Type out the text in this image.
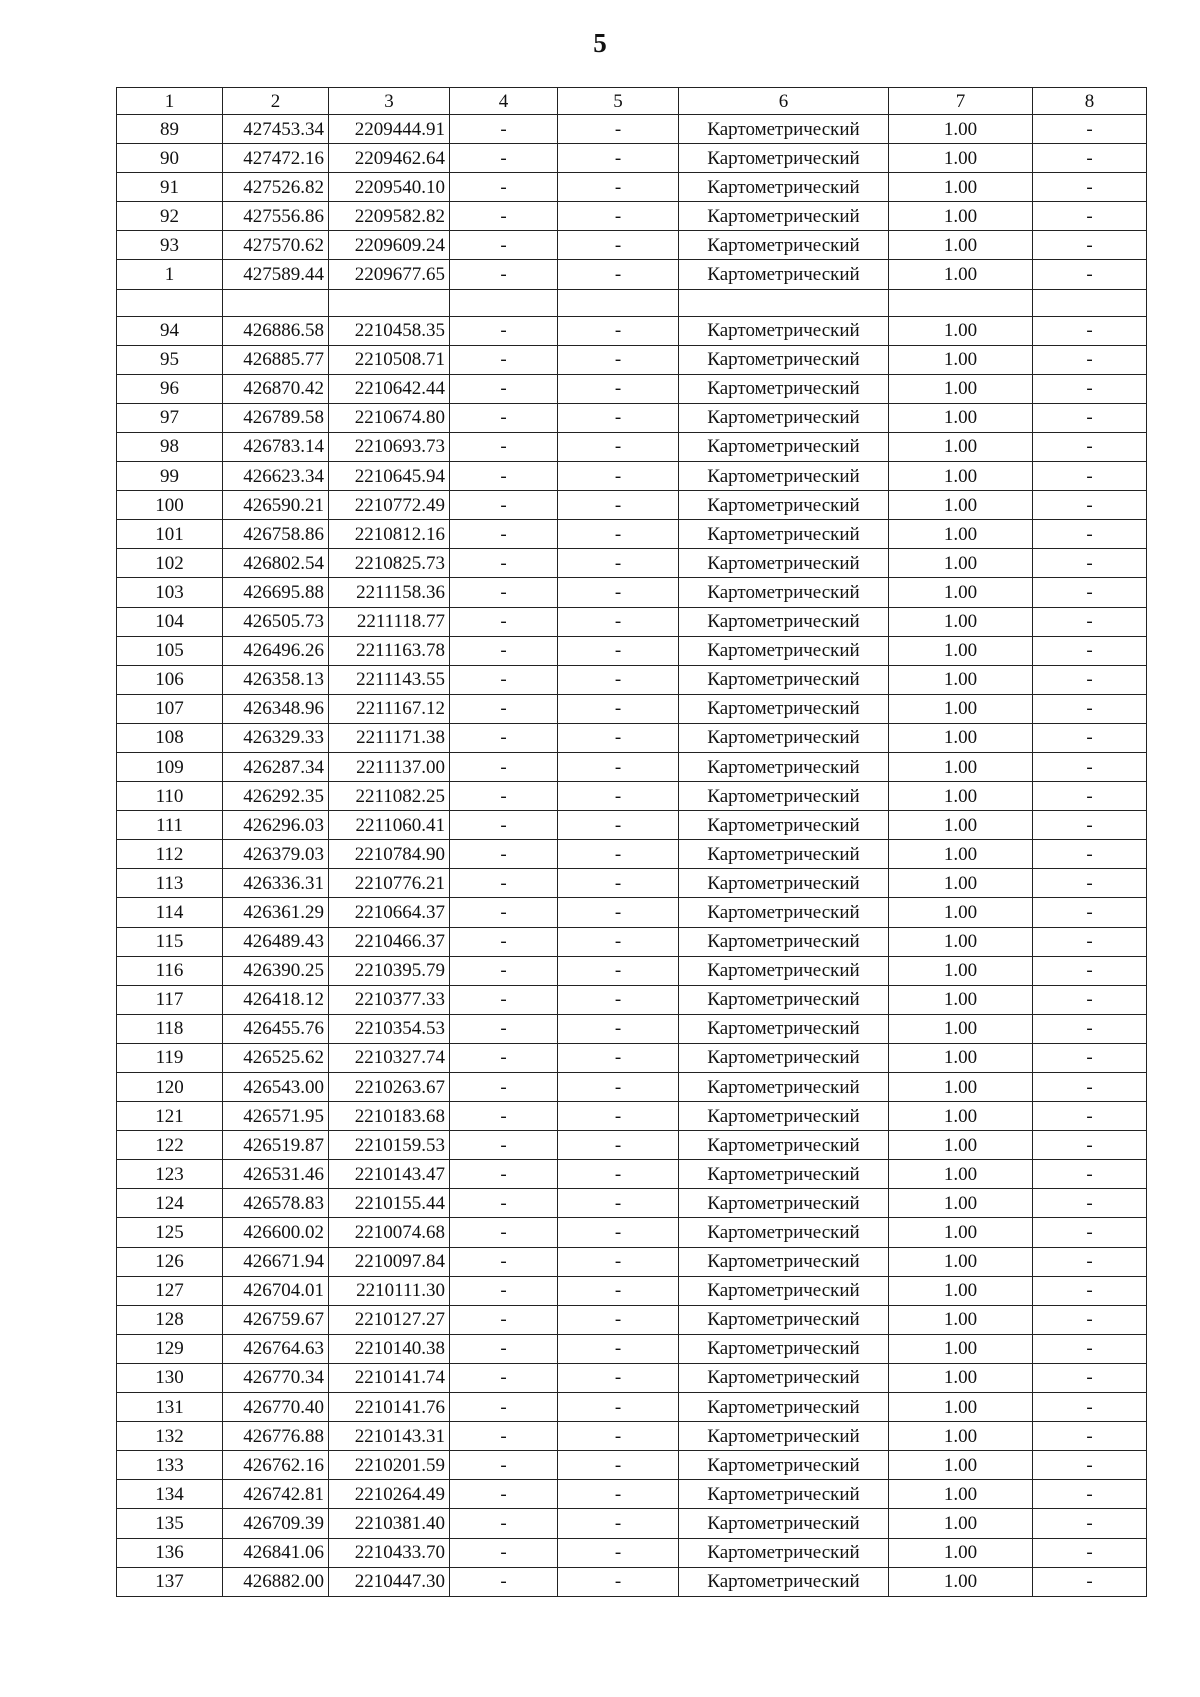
5
1	2	3	4	5	6	7	8
89	427453.34	2209444.91	-	-	Картометрический	1.00	-
90	427472.16	2209462.64	-	-	Картометрический	1.00	-
91	427526.82	2209540.10	-	-	Картометрический	1.00	-
92	427556.86	2209582.82	-	-	Картометрический	1.00	-
93	427570.62	2209609.24	-	-	Картометрический	1.00	-
1	427589.44	2209677.65	-	-	Картометрический	1.00	-

94	426886.58	2210458.35	-	-	Картометрический	1.00	-
95	426885.77	2210508.71	-	-	Картометрический	1.00	-
96	426870.42	2210642.44	-	-	Картометрический	1.00	-
97	426789.58	2210674.80	-	-	Картометрический	1.00	-
98	426783.14	2210693.73	-	-	Картометрический	1.00	-
99	426623.34	2210645.94	-	-	Картометрический	1.00	-
100	426590.21	2210772.49	-	-	Картометрический	1.00	-
101	426758.86	2210812.16	-	-	Картометрический	1.00	-
102	426802.54	2210825.73	-	-	Картометрический	1.00	-
103	426695.88	2211158.36	-	-	Картометрический	1.00	-
104	426505.73	2211118.77	-	-	Картометрический	1.00	-
105	426496.26	2211163.78	-	-	Картометрический	1.00	-
106	426358.13	2211143.55	-	-	Картометрический	1.00	-
107	426348.96	2211167.12	-	-	Картометрический	1.00	-
108	426329.33	2211171.38	-	-	Картометрический	1.00	-
109	426287.34	2211137.00	-	-	Картометрический	1.00	-
110	426292.35	2211082.25	-	-	Картометрический	1.00	-
111	426296.03	2211060.41	-	-	Картометрический	1.00	-
112	426379.03	2210784.90	-	-	Картометрический	1.00	-
113	426336.31	2210776.21	-	-	Картометрический	1.00	-
114	426361.29	2210664.37	-	-	Картометрический	1.00	-
115	426489.43	2210466.37	-	-	Картометрический	1.00	-
116	426390.25	2210395.79	-	-	Картометрический	1.00	-
117	426418.12	2210377.33	-	-	Картометрический	1.00	-
118	426455.76	2210354.53	-	-	Картометрический	1.00	-
119	426525.62	2210327.74	-	-	Картометрический	1.00	-
120	426543.00	2210263.67	-	-	Картометрический	1.00	-
121	426571.95	2210183.68	-	-	Картометрический	1.00	-
122	426519.87	2210159.53	-	-	Картометрический	1.00	-
123	426531.46	2210143.47	-	-	Картометрический	1.00	-
124	426578.83	2210155.44	-	-	Картометрический	1.00	-
125	426600.02	2210074.68	-	-	Картометрический	1.00	-
126	426671.94	2210097.84	-	-	Картометрический	1.00	-
127	426704.01	2210111.30	-	-	Картометрический	1.00	-
128	426759.67	2210127.27	-	-	Картометрический	1.00	-
129	426764.63	2210140.38	-	-	Картометрический	1.00	-
130	426770.34	2210141.74	-	-	Картометрический	1.00	-
131	426770.40	2210141.76	-	-	Картометрический	1.00	-
132	426776.88	2210143.31	-	-	Картометрический	1.00	-
133	426762.16	2210201.59	-	-	Картометрический	1.00	-
134	426742.81	2210264.49	-	-	Картометрический	1.00	-
135	426709.39	2210381.40	-	-	Картометрический	1.00	-
136	426841.06	2210433.70	-	-	Картометрический	1.00	-
137	426882.00	2210447.30	-	-	Картометрический	1.00	-
